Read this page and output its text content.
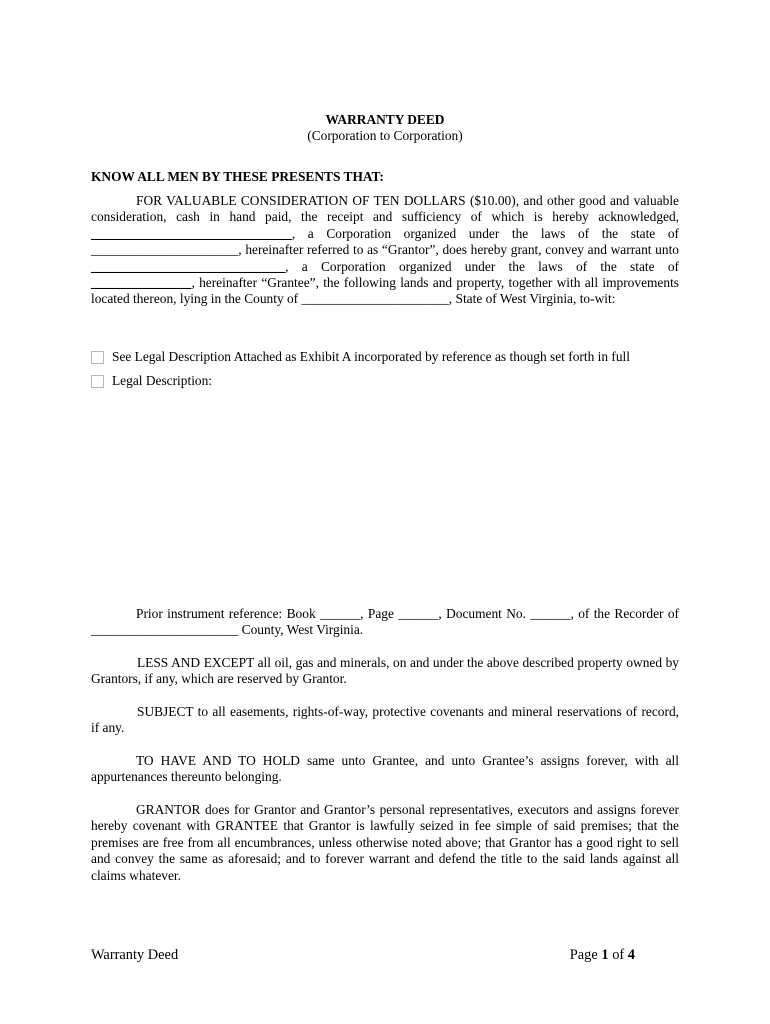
WARRANTY DEED
(Corporation to Corporation)
KNOW ALL MEN BY THESE PRESENTS THAT:
FOR VALUABLE CONSIDERATION OF TEN DOLLARS ($10.00), and other good and valuable consideration, cash in hand paid, the receipt and sufficiency of which is hereby acknowledged, ______________________________, a Corporation organized under the laws of the state of ______________________, hereinafter referred to as “Grantor”, does hereby grant, convey and warrant unto _____________________________, a Corporation organized under the laws of the state of _______________, hereinafter “Grantee”, the following lands and property, together with all improvements located thereon, lying in the County of ______________________, State of West Virginia, to-wit:
See Legal Description Attached as Exhibit A incorporated by reference as though set forth in full
Legal Description:
Prior instrument reference: Book ______, Page ______, Document No. ______, of the Recorder of ______________________ County, West Virginia.
LESS AND EXCEPT all oil, gas and minerals, on and under the above described property owned by Grantors, if any, which are reserved by Grantor.
SUBJECT to all easements, rights-of-way, protective covenants and mineral reservations of record, if any.
TO HAVE AND TO HOLD same unto Grantee, and unto Grantee’s assigns forever, with all appurtenances thereunto belonging.
GRANTOR does for Grantor and Grantor’s personal representatives, executors and assigns forever hereby covenant with GRANTEE that Grantor is lawfully seized in fee simple of said premises; that the premises are free from all encumbrances, unless otherwise noted above; that Grantor has a good right to sell and convey the same as aforesaid; and to forever warrant and defend the title to the said lands against all claims whatever.
Warranty Deed	Page 1 of 4
